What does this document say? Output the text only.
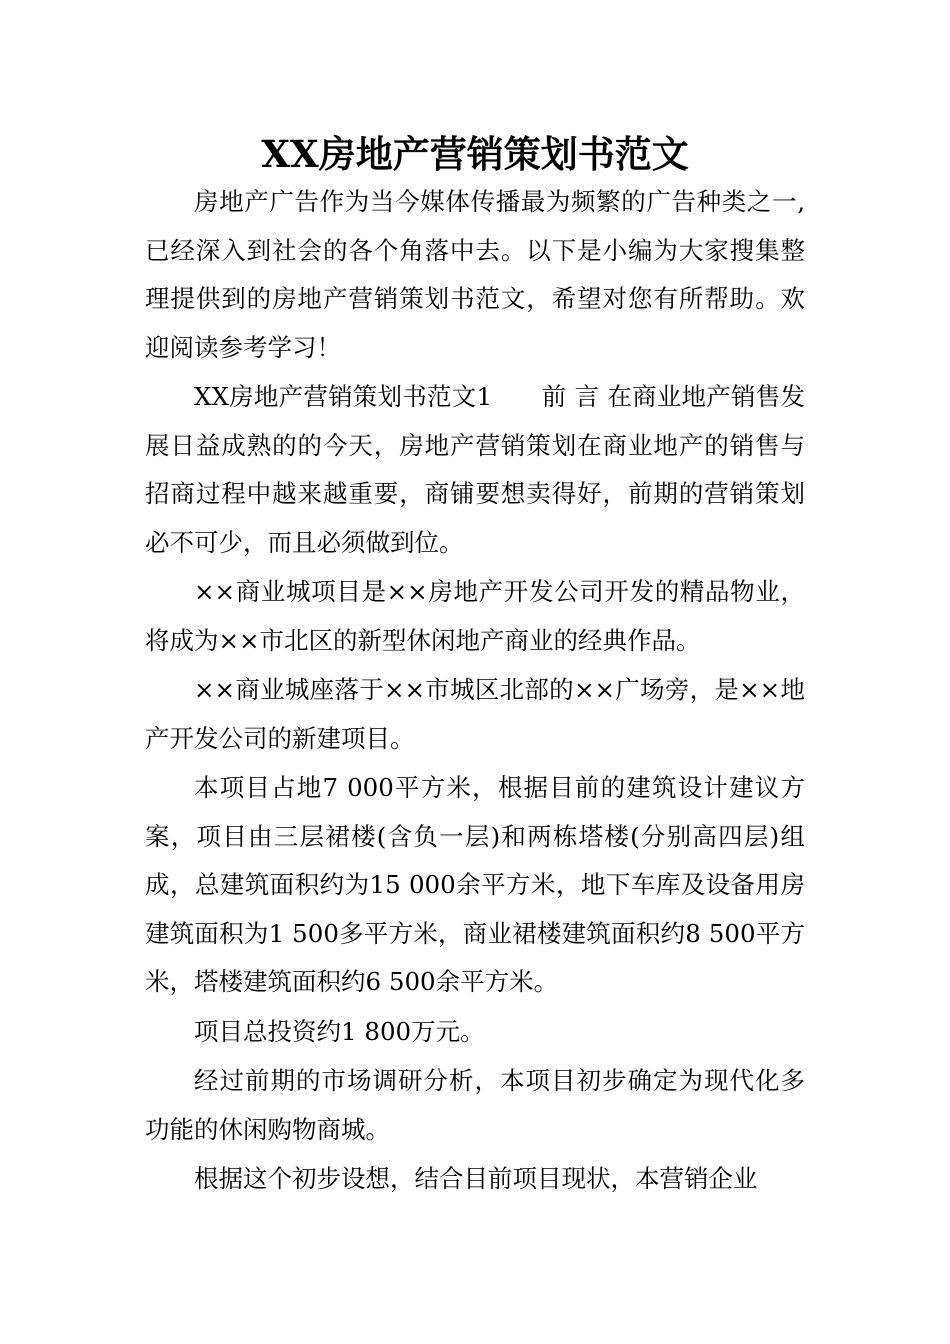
XX房地产营销策划书范文

房地产广告作为当今媒体传播最为频繁的广告种类之一,已经深入到社会的各个角落中去。以下是小编为大家搜集整理提供到的房地产营销策划书范文，希望对您有所帮助。欢迎阅读参考学习！

XX房地产营销策划书范文1　　前 言 在商业地产销售发展日益成熟的的今天，房地产营销策划在商业地产的销售与招商过程中越来越重要，商铺要想卖得好，前期的营销策划必不可少，而且必须做到位。

××商业城项目是××房地产开发公司开发的精品物业，将成为××市北区的新型休闲地产商业的经典作品。

××商业城座落于××市城区北部的××广场旁，是××地产开发公司的新建项目。

本项目占地7 000平方米，根据目前的建筑设计建议方案，项目由三层裙楼(含负一层)和两栋塔楼(分别高四层)组成，总建筑面积约为15 000余平方米，地下车库及设备用房建筑面积为1 500多平方米，商业裙楼建筑面积约8 500平方米，塔楼建筑面积约6 500余平方米。

项目总投资约1 800万元。

经过前期的市场调研分析，本项目初步确定为现代化多功能的休闲购物商城。

根据这个初步设想，结合目前项目现状，本营销企业
